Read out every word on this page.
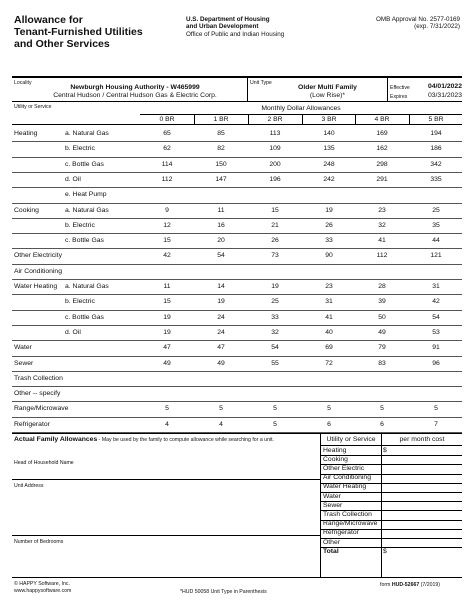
Allowance for
Tenant-Furnished Utilities
and Other Services
U.S. Department of Housing
and Urban Development
Office of Public and Indian Housing
OMB Approval No. 2577-0169
(exp. 7/31/2022)
Locality
Newburgh Housing Authority - W465999
Central Hudson / Central Hudson Gas & Electric Corp.
Unit Type
Older Multi Family
(Low Rise)*
Effective	04/01/2022
Expires	03/31/2023
Utility or Service	Monthly Dollar Allowances
0 BR	1 BR	2 BR	3 BR	4 BR	5 BR
Heating	a. Natural Gas	65	85	113	140	169	194
b. Electric	62	82	109	135	162	186
c. Bottle Gas	114	150	200	248	298	342
d. Oil	112	147	196	242	291	335
e. Heat Pump
Cooking	a. Natural Gas	9	11	15	19	23	25
b. Electric	12	16	21	26	32	35
c. Bottle Gas	15	20	26	33	41	44
Other Electricity	42	54	73	90	112	121
Air Conditioning
Water Heating a. Natural Gas	11	14	19	23	28	31
b. Electric	15	19	25	31	39	42
c. Bottle Gas	19	24	33	41	50	54
d. Oil	19	24	32	40	49	53
Water	47	47	54	69	79	91
Sewer	49	49	55	72	83	96
Trash Collection
Other -- specify
Range/Microwave	5	5	5	5	5	5
Refrigerator	4	4	5	6	6	7
Actual Family Allowances - May be used by the family to compute allowance while searching for a unit.	Utility or Service	per month cost
Heating	$
Cooking
Other Electric
Air Conditioning
Water Heating
Water
Sewer
Trash Collection
Range/Microwave
Refrigerator
Other
Total	$
Head of Household Name
Unit Address
Number of Bedrooms
© HAPPY Software, Inc.
www.happysoftware.com	*HUD 50058 Unit Type in Parenthesis
form HUD-52667 (7/2019)
